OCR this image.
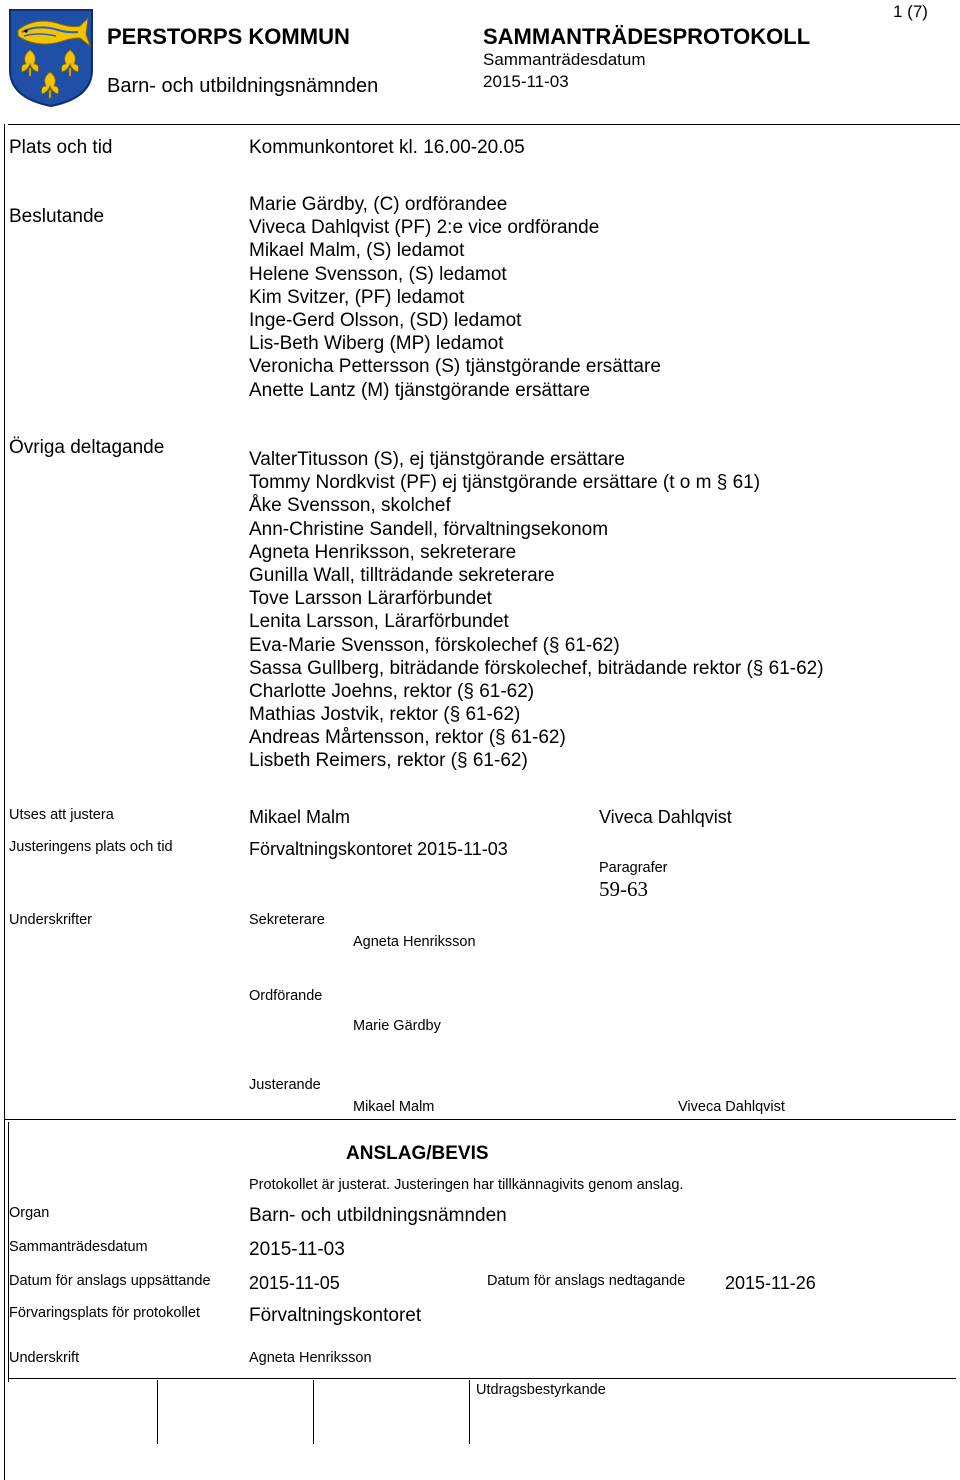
PERSTORPS KOMMUN
Barn- och utbildningsnämnden
SAMMANTRÄDESPROTOKOLL
Sammanträdesdatum
2015-11-03
1 (7)
Plats och tid	Kommunkontoret kl. 16.00-20.05
Beslutande
Marie Gärdby, (C) ordförandee
Viveca Dahlqvist (PF) 2:e vice ordförande
Mikael Malm, (S) ledamot
Helene Svensson, (S) ledamot
Kim Svitzer, (PF) ledamot
Inge-Gerd Olsson, (SD) ledamot
Lis-Beth Wiberg (MP) ledamot
Veronicha Pettersson (S) tjänstgörande ersättare
Anette Lantz (M) tjänstgörande ersättare
Övriga deltagande
ValterTitusson (S), ej tjänstgörande ersättare
Tommy Nordkvist (PF) ej tjänstgörande ersättare (t o m § 61)
Åke Svensson, skolchef
Ann-Christine Sandell, förvaltningsekonom
Agneta Henriksson, sekreterare
Gunilla Wall, tillträdande sekreterare
Tove Larsson Lärarförbundet
Lenita Larsson, Lärarförbundet
Eva-Marie Svensson, förskolechef (§ 61-62)
Sassa Gullberg, biträdande förskolechef, biträdande rektor (§ 61-62)
Charlotte Joehns, rektor (§ 61-62)
Mathias Jostvik, rektor (§ 61-62)
Andreas Mårtensson, rektor (§ 61-62)
Lisbeth Reimers, rektor (§ 61-62)
Utses att justera	Mikael Malm	Viveca Dahlqvist
Justeringens plats och tid	Förvaltningskontoret 2015-11-03
Paragrafer
59-63
Underskrifter	Sekreterare
Agneta Henriksson
Ordförande
Marie Gärdby
Justerande
Mikael Malm	Viveca Dahlqvist
ANSLAG/BEVIS
Protokollet är justerat. Justeringen har tillkännagivits genom anslag.
Organ	Barn- och utbildningsnämnden
Sammanträdesdatum	2015-11-03
Datum för anslags uppsättande 2015-11-05	Datum för anslags nedtagande 2015-11-26
Förvaringsplats för protokollet	Förvaltningskontoret
Underskrift	Agneta Henriksson
Utdragsbestyrkande
